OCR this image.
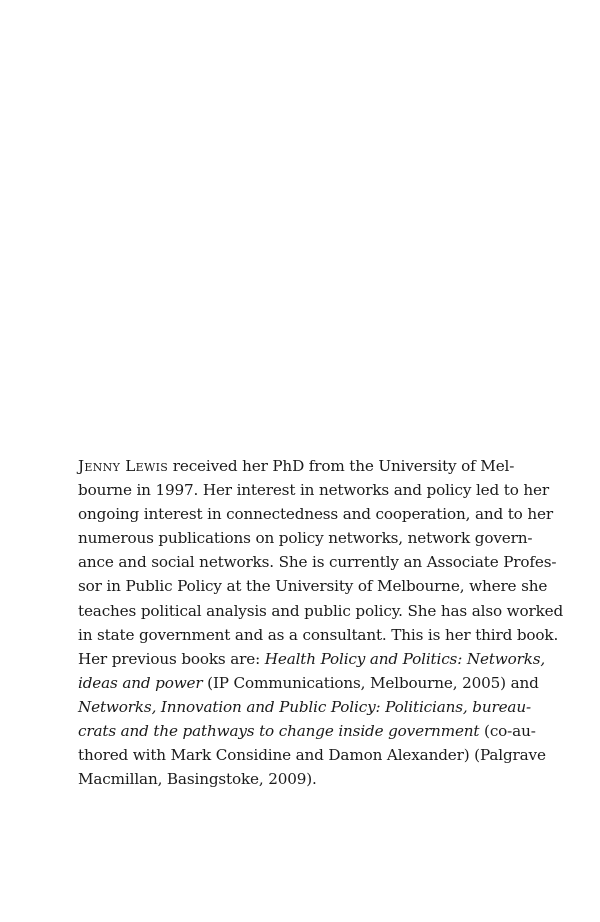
Jenny Lewis received her PhD from the University of Mel-
bourne in 1997. Her interest in networks and policy led to her
ongoing interest in connectedness and cooperation, and to her
numerous publications on policy networks, network govern-
ance and social networks. She is currently an Associate Profes-
sor in Public Policy at the University of Melbourne, where she
teaches political analysis and public policy. She has also worked
in state government and as a consultant. This is her third book.
Her previous books are: Health Policy and Politics: Networks,
ideas and power (IP Communications, Melbourne, 2005) and
Networks, Innovation and Public Policy: Politicians, bureau-
crats and the pathways to change inside government (co-au-
thored with Mark Considine and Damon Alexander) (Palgrave
Macmillan, Basingstoke, 2009).
